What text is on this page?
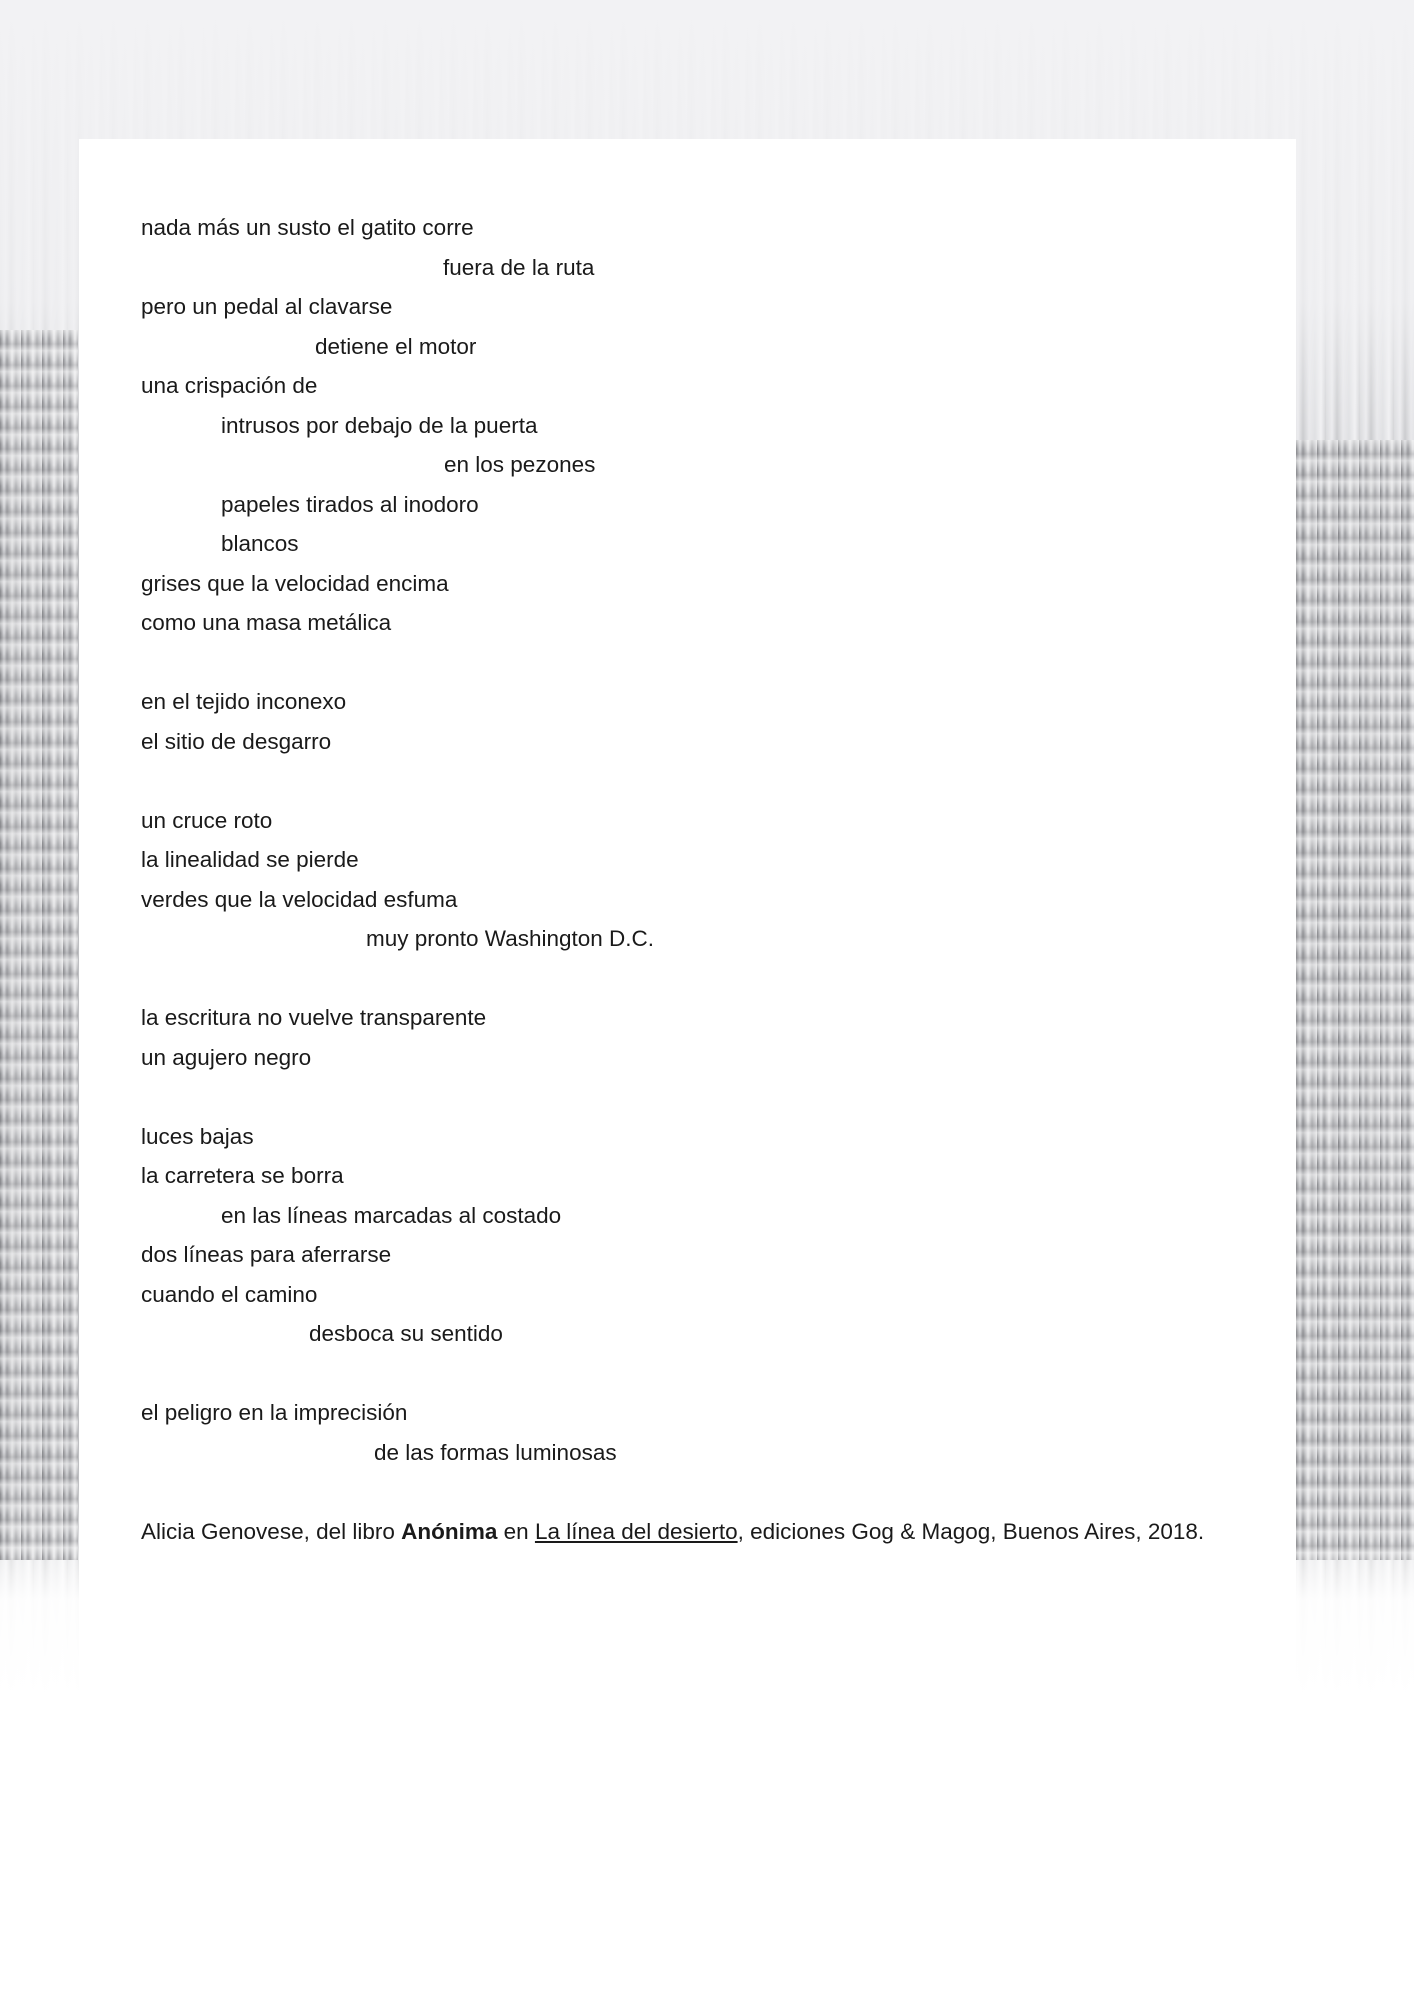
nada más un susto el gatito corre
fuera de la ruta
pero un pedal al clavarse
detiene el motor
una crispación de
intrusos por debajo de la puerta
en los pezones
papeles tirados al inodoro
blancos
grises que la velocidad encima
como una masa metálica
en el tejido inconexo
el sitio de desgarro
un cruce roto
la linealidad se pierde
verdes que la velocidad esfuma
muy pronto Washington D.C.
la escritura no vuelve transparente
un agujero negro
luces bajas
la carretera se borra
en las líneas marcadas al costado
dos líneas para aferrarse
cuando el camino
desboca su sentido
el peligro en la imprecisión
de las formas luminosas
Alicia Genovese, del libro Anónima en La línea del desierto, ediciones Gog & Magog, Buenos Aires, 2018.
